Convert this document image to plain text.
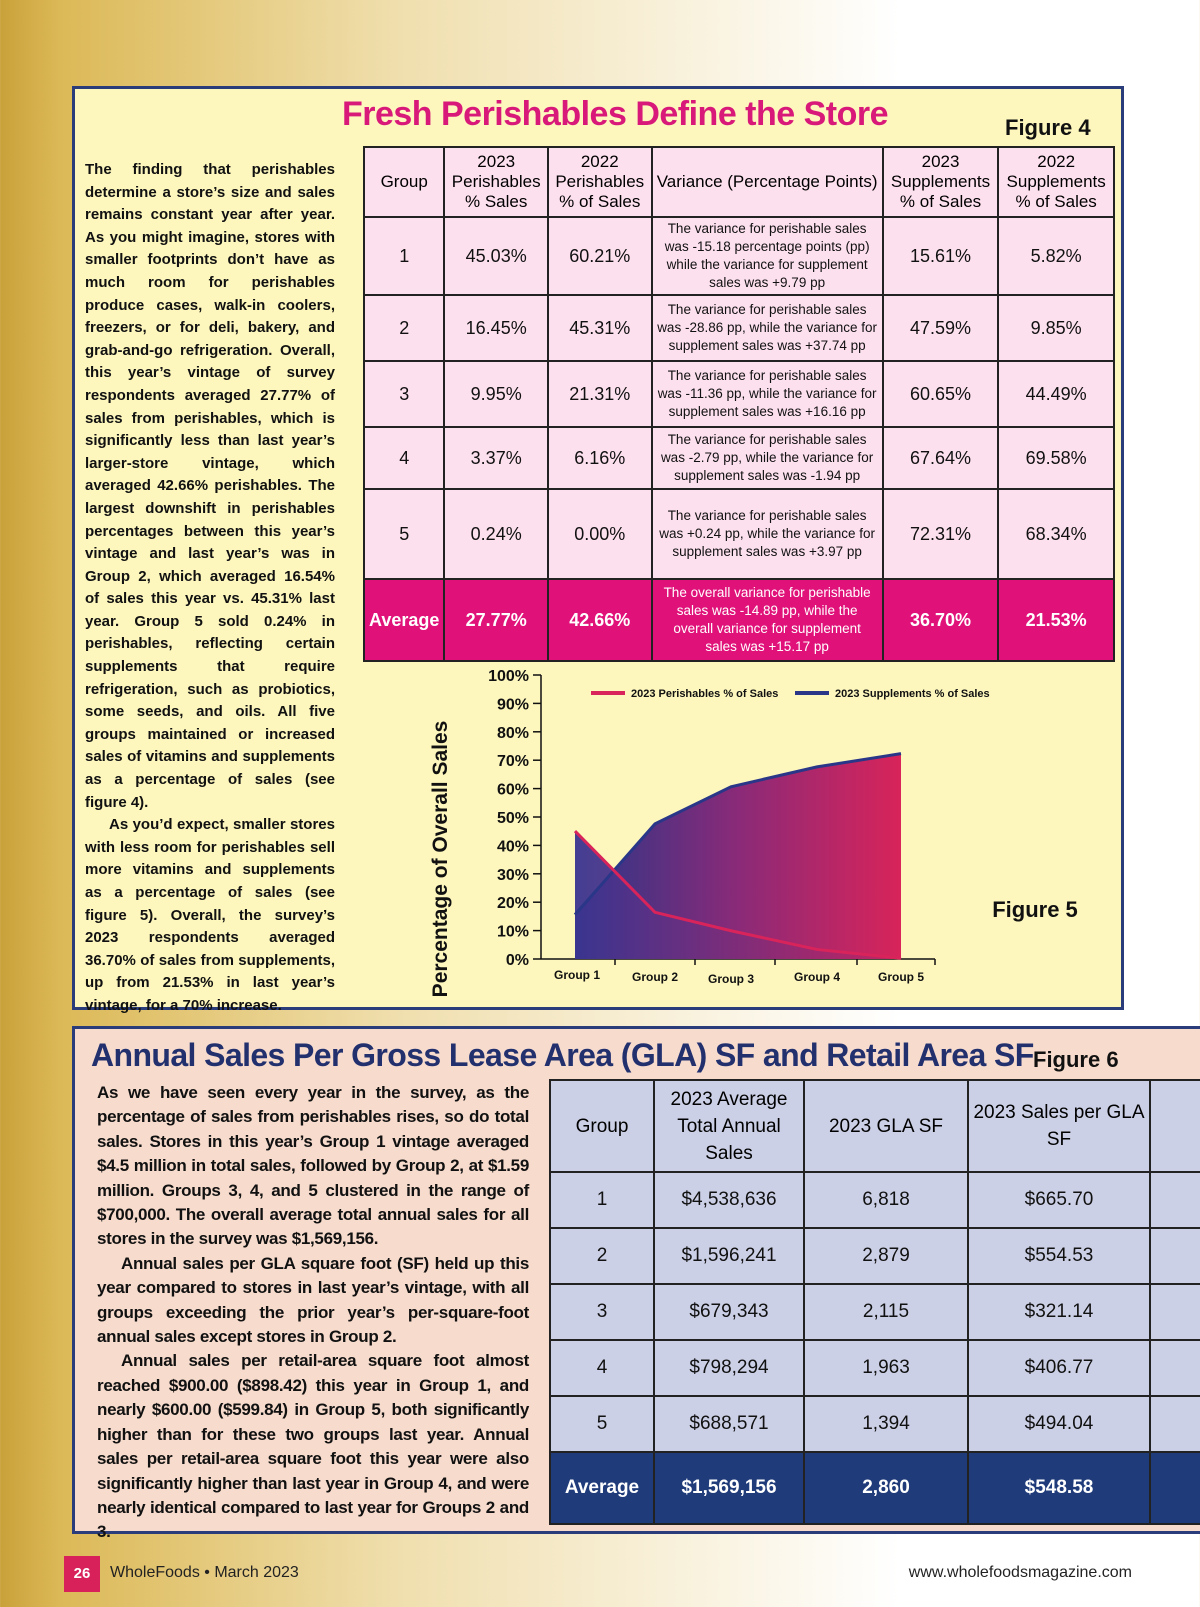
Fresh Perishables Define the Store	Figure 4

The finding that perishables determine a store’s size and sales remains constant year after year. As you might imagine, stores with smaller footprints don’t have as much room for perishables produce cases, walk-in coolers, freezers, or for deli, bakery, and grab-and-go refrigeration. Overall, this year’s vintage of survey respondents averaged 27.77% of sales from perishables, which is significantly less than last year’s larger-store vintage, which averaged 42.66% perishables. The largest downshift in perishables percentages between this year’s vintage and last year’s was in Group 2, which averaged 16.54% of sales this year vs. 45.31% last year. Group 5 sold 0.24% in perishables, reflecting certain supplements that require refrigeration, such as probiotics, some seeds, and oils. All five groups maintained or increased sales of vitamins and supplements as a percentage of sales (see figure 4).

As you’d expect, smaller stores with less room for perishables sell more vitamins and supplements as a percentage of sales (see figure 5). Overall, the survey’s 2023 respondents averaged 36.70% of sales from supplements, up from 21.53% in last year’s vintage, for a 70% increase.

Group	2023 Perishables % Sales	2022 Perishables % of Sales	Variance (Percentage Points)	2023 Supplements % of Sales	2022 Supplements % of Sales
1	45.03%	60.21%	The variance for perishable sales was -15.18 percentage points (pp) while the variance for supplement sales was +9.79 pp	15.61%	5.82%
2	16.45%	45.31%	The variance for perishable sales was -28.86 pp, while the variance for supplement sales was +37.74 pp	47.59%	9.85%
3	9.95%	21.31%	The variance for perishable sales was -11.36 pp, while the variance for supplement sales was +16.16 pp	60.65%	44.49%
4	3.37%	6.16%	The variance for perishable sales was -2.79 pp, while the variance for supplement sales was -1.94 pp	67.64%	69.58%
5	0.24%	0.00%	The variance for perishable sales was +0.24 pp, while the variance for supplement sales was +3.97 pp	72.31%	68.34%
Average	27.77%	42.66%	The overall variance for perishable sales was -14.89 pp, while the overall variance for supplement sales was +15.17 pp	36.70%	21.53%
0%
10%
20%
30%
40%
50%
60%
70%
80%
90%
100%
Group 1	Group 2 Group 3	Group 4	Group 5
2023 Perishables % of Sales	2023 Supplements % of Sales
Percentage of Overall Sales	Figure 5
Annual Sales Per Gross Lease Area (GLA) SF and Retail Area SF Figure 6

As we have seen every year in the survey, as the percentage of sales from perishables rises, so do total sales. Stores in this year’s Group 1 vintage averaged $4.5 million in total sales, followed by Group 2, at $1.59 million. Groups 3, 4, and 5 clustered in the range of $700,000. The overall average total annual sales for all stores in the survey was $1,569,156.

Annual sales per GLA square foot (SF) held up this year compared to stores in last year’s vintage, with all groups exceeding the prior year’s per-square-foot annual sales except stores in Group 2.

Annual sales per retail-area square foot almost reached $900.00 ($898.42) this year in Group 1, and nearly $600.00 ($599.84) in Group 5, both significantly higher than for these two groups last year. Annual sales per retail-area square foot this year were also significantly higher than last year in Group 4, and were nearly identical compared to last year for Groups 2 and 3.

Group	2023 Average Total Annual Sales	2023 GLA SF	2023 Sales per GLA SF	
1	$4,538,636	6,818	$665.70	
2	$1,596,241	2,879	$554.53	
3	$679,343	2,115	$321.14	
4	$798,294	1,963	$406.77	
5	$688,571	1,394	$494.04	
Average	$1,569,156	2,860	$548.58	
26	WholeFoods • March 2023	www.wholefoodsmagazine.com
